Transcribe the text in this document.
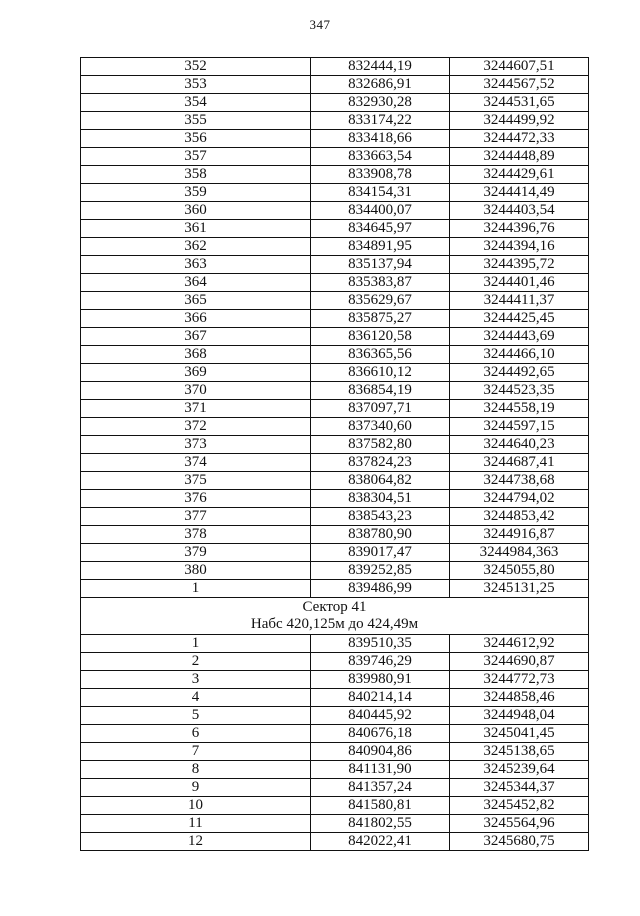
347
352	832444,19	3244607,51
353	832686,91	3244567,52
354	832930,28	3244531,65
355	833174,22	3244499,92
356	833418,66	3244472,33
357	833663,54	3244448,89
358	833908,78	3244429,61
359	834154,31	3244414,49
360	834400,07	3244403,54
361	834645,97	3244396,76
362	834891,95	3244394,16
363	835137,94	3244395,72
364	835383,87	3244401,46
365	835629,67	3244411,37
366	835875,27	3244425,45
367	836120,58	3244443,69
368	836365,56	3244466,10
369	836610,12	3244492,65
370	836854,19	3244523,35
371	837097,71	3244558,19
372	837340,60	3244597,15
373	837582,80	3244640,23
374	837824,23	3244687,41
375	838064,82	3244738,68
376	838304,51	3244794,02
377	838543,23	3244853,42
378	838780,90	3244916,87
379	839017,47	3244984,363
380	839252,85	3245055,80
1	839486,99	3245131,25

Сектор 41
Набс 420,125м до 424,49м		

1	839510,35	3244612,92
2	839746,29	3244690,87
3	839980,91	3244772,73
4	840214,14	3244858,46
5	840445,92	3244948,04
6	840676,18	3245041,45
7	840904,86	3245138,65
8	841131,90	3245239,64
9	841357,24	3245344,37
10	841580,81	3245452,82
11	841802,55	3245564,96
12	842022,41	3245680,75
